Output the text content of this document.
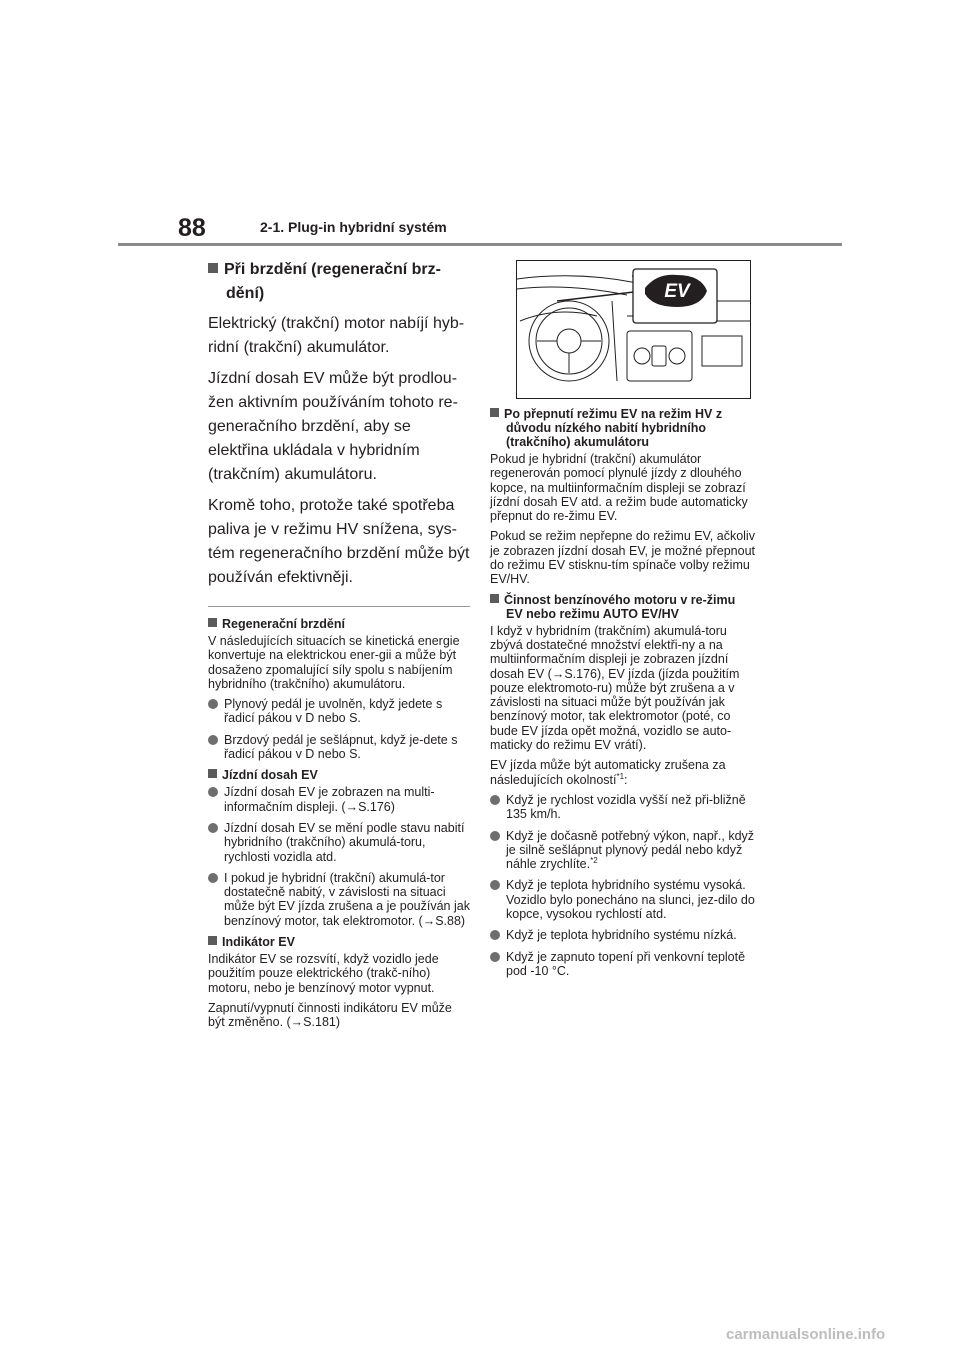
88	2-1. Plug-in hybridní systém
Při brzdění (regenerační brz-dění)

Elektrický (trakční) motor nabíjí hyb-ridní (trakční) akumulátor.

Jízdní dosah EV může být prodlou-žen aktivním používáním tohoto re-generačního brzdění, aby se elektřina ukládala v hybridním (trakčním) akumulátoru.

Kromě toho, protože také spotřeba paliva je v režimu HV snížena, sys-tém regeneračního brzdění může být používán efektivněji.

Regenerační brzdění

V následujících situacích se kinetická energie konvertuje na elektrickou ener-gii a může být dosaženo zpomalující síly spolu s nabíjením hybridního (trakčního) akumulátoru.

Plynový pedál je uvolněn, když jedete s řadicí pákou v D nebo S.
Brzdový pedál je sešlápnut, když je-dete s řadicí pákou v D nebo S.
Jízdní dosah EV
Jízdní dosah EV je zobrazen na multi-informačním displeji. (→S.176)
Jízdní dosah EV se mění podle stavu nabití hybridního (trakčního) akumulá-toru, rychlosti vozidla atd.
I pokud je hybridní (trakční) akumulá-tor dostatečně nabitý, v závislosti na situaci může být EV jízda zrušena a je používán jak benzínový motor, tak elektromotor. (→S.88)
Indikátor EV

Indikátor EV se rozsvítí, když vozidlo jede použitím pouze elektrického (trakč-ního) motoru, nebo je benzínový motor vypnut.

Zapnutí/vypnutí činnosti indikátoru EV může být změněno. (→S.181)

EV
Po přepnutí režimu EV na režim HV z důvodu nízkého nabití hybridního (trakčního) akumulátoru

Pokud je hybridní (trakční) akumulátor regenerován pomocí plynulé jízdy z dlouhého kopce, na multiinformačním displeji se zobrazí jízdní dosah EV atd. a režim bude automaticky přepnut do re-žimu EV.

Pokud se režim nepřepne do režimu EV, ačkoliv je zobrazen jízdní dosah EV, je možné přepnout do režimu EV stisknu-tím spínače volby režimu EV/HV.

Činnost benzínového motoru v re-žimu EV nebo režimu AUTO EV/HV

I když v hybridním (trakčním) akumulá-toru zbývá dostatečné množství elektři-ny a na multiinformačním displeji je zobrazen jízdní dosah EV (→S.176), EV jízda (jízda použitím pouze elektromoto-ru) může být zrušena a v závislosti na situaci může být používán jak benzínový motor, tak elektromotor (poté, co bude EV jízda opět možná, vozidlo se auto-maticky do režimu EV vrátí).

EV jízda může být automaticky zrušena za následujících okolností$^{*1}$:

Když je rychlost vozidla vyšší než při-bližně 135 km/h.
Když je dočasně potřebný výkon, např., když je silně sešlápnut plynový pedál nebo když náhle zrychlíte.$^{*2}$
Když je teplota hybridního systému vysoká.
Vozidlo bylo ponecháno na slunci, jez-dilo do kopce, vysokou rychlostí atd.
Když je teplota hybridního systému nízká.
Když je zapnuto topení při venkovní teplotě pod -10 °C.
carmanualsonline.info
